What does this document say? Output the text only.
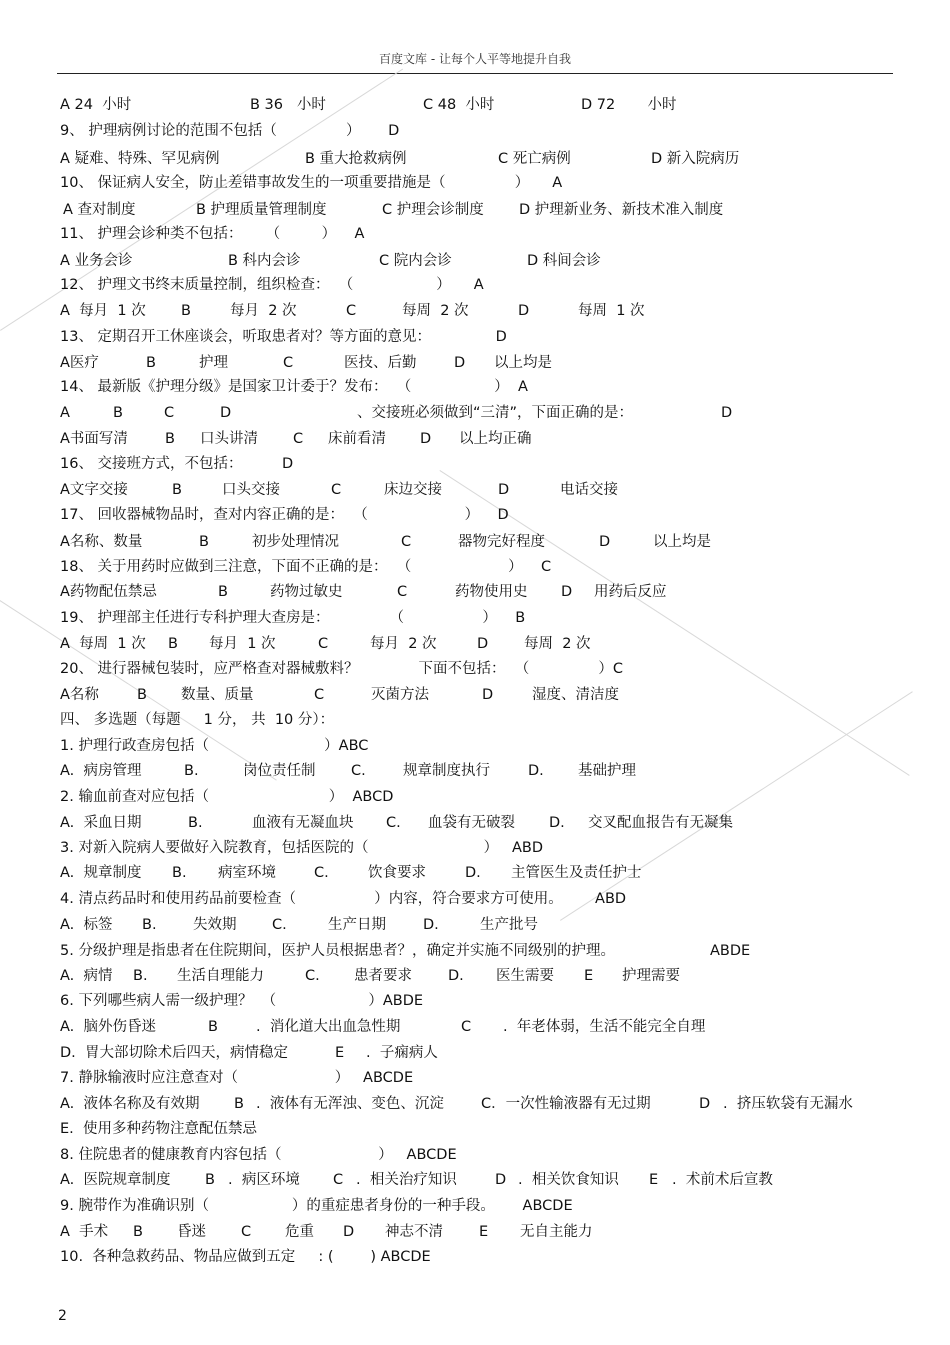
百度文库 - 让每个人平等地提升自我
A 24  小时	B 36   小时	C 48  小时	D 72       小时
9、 护理病例讨论的范围不包括（               ）      D
A 疑难、特殊、罕见病例	B 重大抢救病例	C 死亡病例	D 新入院病历
10、 保证病人安全，防止差错事故发生的一项重要措施是（               ）     A
A 查对制度	B 护理质量管理制度	C 护理会诊制度 D 护理新业务、新技术准入制度
11、 护理会诊种类不包括：     （         ）    A
A 业务会诊	B 科内会诊	C 院内会诊	D 科间会诊
12、 护理文书终末质量控制，组织检查：  （                  ）     A
A  每月  1 次 B	每月  2 次	C	每周  2 次	D	每周  1 次
13、 定期召开工休座谈会，听取患者对？等方面的意见：              D
A医疗	B	护理	C	医技、后勤	D 以上均是
14、 最新版《护理分级》是国家卫计委于？发布：  （                  ）  A
A	B	C	D	、交接班必须做到“三清”，下面正确的是：	D
A书面写清	B 口头讲清 C 床前看清 D 以上均正确
16、 交接班方式，不包括：	D
A文字交接	B	口头交接	C	床边交接	D	电话交接
17、 回收器械物品时，查对内容正确的是：  （                     ）    D
A名称、数量	B	初步处理情况	C	器物完好程度	D	以上均是
18、 关于用药时应做到三注意，下面不正确的是：  （                     ）    C
A药物配伍禁忌	B	药物过敏史	C	药物使用史 D 用药后反应
19、 护理部主任进行专科护理大查房是：             （                 ）    B
A  每周  1 次 B 每月  1 次	C	每月  2 次	D 每周  2 次
20、 进行器械包装时，应严格查对器械敷料？             下面不包括：  （               ）C
A名称	B 数量、质量	C	灭菌方法	D	湿度、清洁度
四、 多选题（每题     1 分， 共  10 分）：
1. 护理行政查房包括（                         ）ABC
A.  病房管理	B.	岗位责任制 C.	规章制度执行	D. 基础护理
2. 输血前查对应包括（                          ）  ABCD
A.  采血日期	B.	血液有无凝血块 C. 血袋有无破裂 D. 交叉配血报告有无凝集
3. 对新入院病人要做好入院教育，包括医院的（                         ）   ABD
A.  规章制度 B. 病室环境	C.	饮食要求	D. 主管医生及责任护士
4. 清点药品时和使用药品前要检查（                 ）内容，符合要求方可使用。       ABD
A.  标签 B.	失效期 C.	生产日期	D.	生产批号
5. 分级护理是指患者在住院期间，医护人员根据患者？，确定并实施不同级别的护理。	ABDE
A.  病情 B. 生活自理能力	C. 患者要求 D. 医生需要 E 护理需要
6. 下列哪些病人需一级护理？  （                    ）ABDE
A.  脑外伤昏迷	B	.  消化道大出血急性期	C .  年老体弱，生活不能完全自理
D.  胃大部切除术后四天，病情稳定	E .  子痫病人
7. 静脉输液时应注意查对（                     ）   ABCDE
A.  液体名称及有效期 B .  液体有无浑浊、变色、沉淀	C．一次性输液器有无过期	D .  挤压软袋有无漏水
E.  使用多种药物注意配伍禁忌
8. 住院患者的健康教育内容包括（                     ）   ABCDE
A.  医院规章制度 B .  病区环境 C .  相关治疗知识	D .  相关饮食知识 E .  术前术后宣教
9. 腕带作为准确识别（                  ）的重症患者身份的一种手段。      ABCDE
A  手术 B 昏迷 C 危重 D 神志不清 E 无自主能力
10.  各种急救药品、物品应做到五定     : (        ) ABCDE
2
